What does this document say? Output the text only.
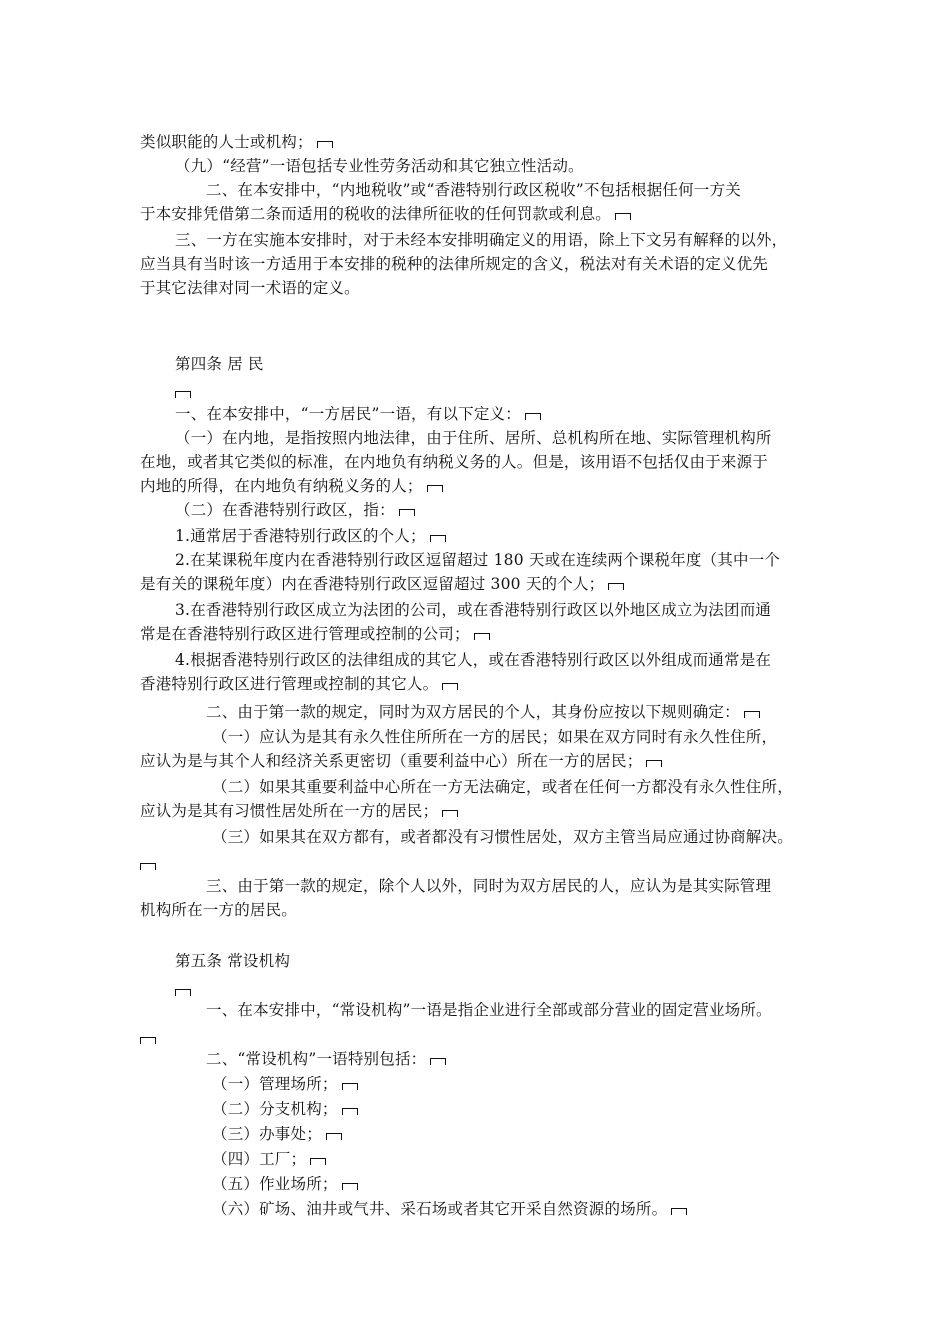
类似职能的人士或机构；
（九）“经营”一语包括专业性劳务活动和其它独立性活动。
二、在本安排中，“内地税收”或“香港特别行政区税收”不包括根据任何一方关
于本安排凭借第二条而适用的税收的法律所征收的任何罚款或利息。
三、一方在实施本安排时，对于未经本安排明确定义的用语，除上下文另有解释的以外，
应当具有当时该一方适用于本安排的税种的法律所规定的含义，税法对有关术语的定义优先
于其它法律对同一术语的定义。
第四条 居 民
一、在本安排中，“一方居民”一语，有以下定义：
（一）在内地，是指按照内地法律，由于住所、居所、总机构所在地、实际管理机构所
在地，或者其它类似的标准，在内地负有纳税义务的人。但是，该用语不包括仅由于来源于
内地的所得，在内地负有纳税义务的人；
（二）在香港特别行政区，指：
1.通常居于香港特别行政区的个人；
2.在某课税年度内在香港特别行政区逗留超过 180 天或在连续两个课税年度（其中一个
是有关的课税年度）内在香港特别行政区逗留超过 300 天的个人；
3.在香港特别行政区成立为法团的公司，或在香港特别行政区以外地区成立为法团而通
常是在香港特别行政区进行管理或控制的公司；
4.根据香港特别行政区的法律组成的其它人，或在香港特别行政区以外组成而通常是在
香港特别行政区进行管理或控制的其它人。
二、由于第一款的规定，同时为双方居民的个人，其身份应按以下规则确定：
（一）应认为是其有永久性住所所在一方的居民；如果在双方同时有永久性住所，
应认为是与其个人和经济关系更密切（重要利益中心）所在一方的居民；
（二）如果其重要利益中心所在一方无法确定，或者在任何一方都没有永久性住所，
应认为是其有习惯性居处所在一方的居民；
（三）如果其在双方都有，或者都没有习惯性居处，双方主管当局应通过协商解决。
三、由于第一款的规定，除个人以外，同时为双方居民的人，应认为是其实际管理
机构所在一方的居民。
第五条 常设机构
一、在本安排中，“常设机构”一语是指企业进行全部或部分营业的固定营业场所。
二、“常设机构”一语特别包括：
（一）管理场所；
（二）分支机构；
（三）办事处；
（四）工厂；
（五）作业场所；
（六）矿场、油井或气井、采石场或者其它开采自然资源的场所。
